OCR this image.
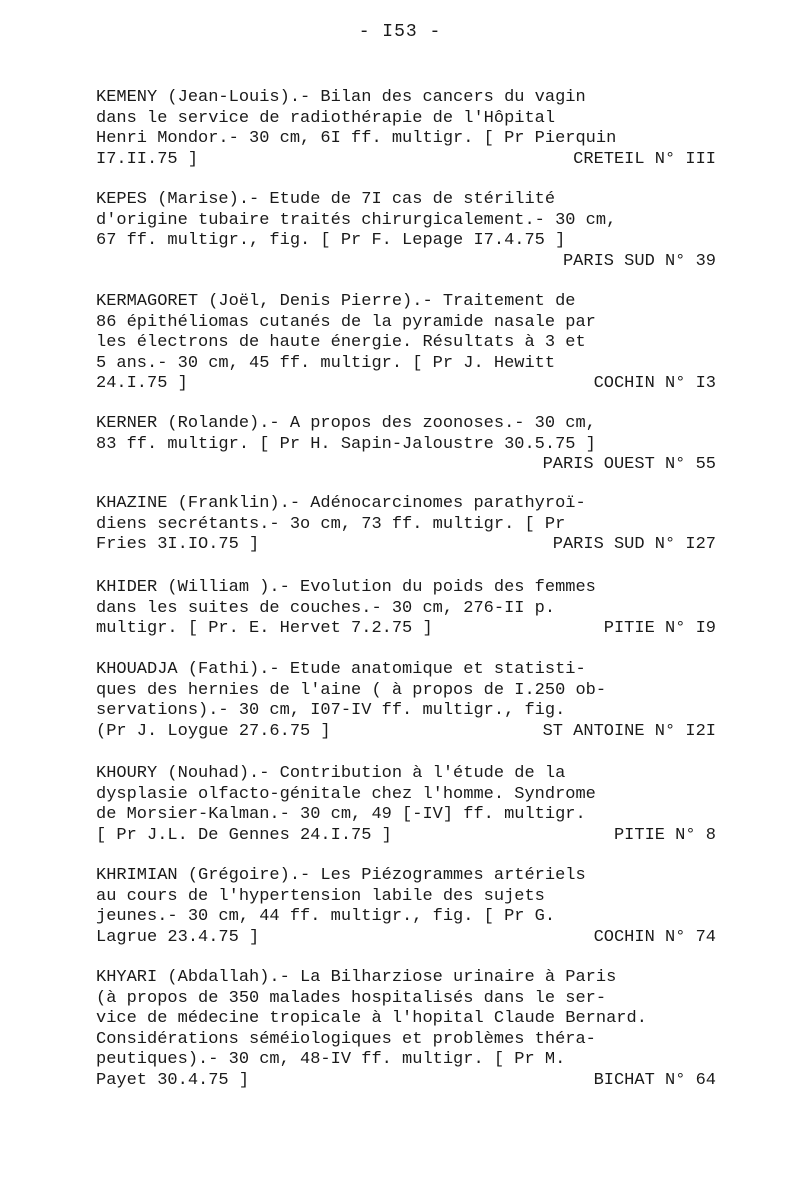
- I53 -
KEMENY (Jean-Louis).- Bilan des cancers du vagin
dans le service de radiothérapie de l'Hôpital
Henri Mondor.- 30 cm, 6I ff. multigr. [ Pr Pierquin
I7.II.75 ]	CRETEIL N° III
KEPES (Marise).- Etude de 7I cas de stérilité
d'origine tubaire traités chirurgicalement.- 30 cm,
67 ff. multigr., fig. [ Pr F. Lepage I7.4.75 ]
PARIS SUD N° 39
KERMAGORET (Joël, Denis Pierre).- Traitement de
86 épithéliomas cutanés de la pyramide nasale par
les électrons de haute énergie. Résultats à 3 et
5 ans.- 30 cm, 45 ff. multigr. [ Pr J. Hewitt
24.I.75 ]	COCHIN N° I3
KERNER (Rolande).- A propos des zoonoses.- 30 cm,
83 ff. multigr. [ Pr H. Sapin-Jaloustre 30.5.75 ]
PARIS OUEST N° 55
KHAZINE (Franklin).- Adénocarcinomes parathyroï-
diens secrétants.- 3o cm, 73 ff. multigr. [ Pr
Fries 3I.IO.75 ]	PARIS SUD N° I27
KHIDER (William ).- Evolution du poids des femmes
dans les suites de couches.- 30 cm, 276-II p.
multigr. [ Pr. E. Hervet 7.2.75 ]	PITIE N° I9
KHOUADJA (Fathi).- Etude anatomique et statisti-
ques des hernies de l'aine ( à propos de I.250 ob-
servations).- 30 cm, I07-IV ff. multigr., fig.
(Pr J. Loygue 27.6.75 ]	ST ANTOINE N° I2I
KHOURY (Nouhad).- Contribution à l'étude de la
dysplasie olfacto-génitale chez l'homme. Syndrome
de Morsier-Kalman.- 30 cm, 49 [-IV] ff. multigr.
[ Pr J.L. De Gennes 24.I.75 ]	PITIE N° 8
KHRIMIAN (Grégoire).- Les Piézogrammes artériels
au cours de l'hypertension labile des sujets
jeunes.- 30 cm, 44 ff. multigr., fig. [ Pr G.
Lagrue 23.4.75 ]	COCHIN N° 74
KHYARI (Abdallah).- La Bilharziose urinaire à Paris
(à propos de 350 malades hospitalisés dans le ser-
vice de médecine tropicale à l'hopital Claude Bernard.
Considérations séméiologiques et problèmes théra-
peutiques).- 30 cm, 48-IV ff. multigr. [ Pr M.
Payet 30.4.75 ]	BICHAT N° 64
